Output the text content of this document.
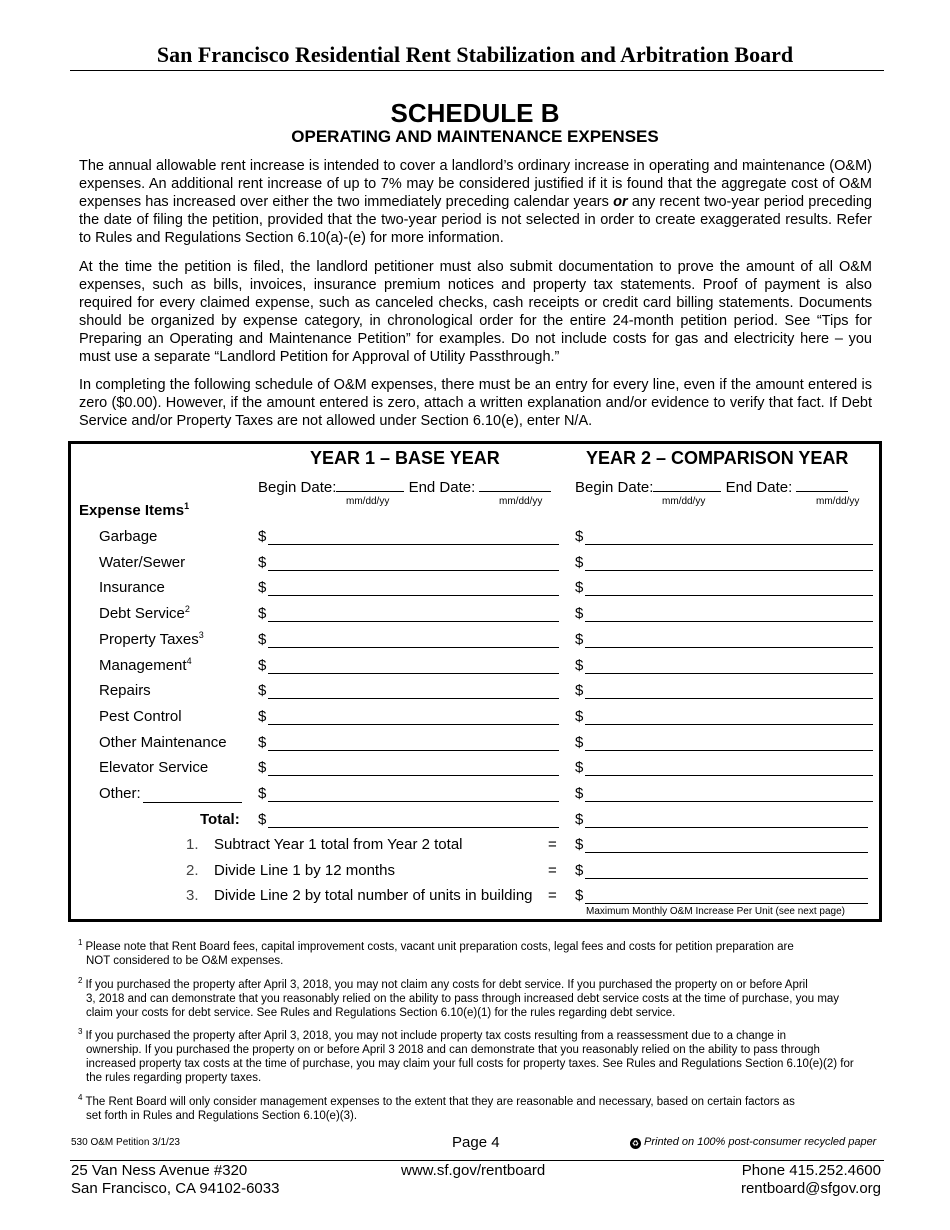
San Francisco Residential Rent Stabilization and Arbitration Board
SCHEDULE B
OPERATING AND MAINTENANCE EXPENSES
The annual allowable rent increase is intended to cover a landlord’s ordinary increase in operating and maintenance (O&M) expenses. An additional rent increase of up to 7% may be considered justified if it is found that the aggregate cost of O&M expenses has increased over either the two immediately preceding calendar years or any recent two-year period preceding the date of filing the petition, provided that the two-year period is not selected in order to create exaggerated results. Refer to Rules and Regulations Section 6.10(a)-(e) for more information.
At the time the petition is filed, the landlord petitioner must also submit documentation to prove the amount of all O&M expenses, such as bills, invoices, insurance premium notices and property tax statements. Proof of payment is also required for every claimed expense, such as canceled checks, cash receipts or credit card billing statements. Documents should be organized by expense category, in chronological order for the entire 24-month petition period. See “Tips for Preparing an Operating and Maintenance Petition” for examples. Do not include costs for gas and electricity here – you must use a separate “Landlord Petition for Approval of Utility Passthrough.”
In completing the following schedule of O&M expenses, there must be an entry for every line, even if the amount entered is zero ($0.00). However, if the amount entered is zero, attach a written explanation and/or evidence to verify that fact. If Debt Service and/or Property Taxes are not allowed under Section 6.10(e), enter N/A.
YEAR 1 – BASE YEAR	YEAR 2 – COMPARISON YEAR
Begin Date:	End Date:	Begin Date:	End Date:
mm/dd/yy	mm/dd/yy	mm/dd/yy	mm/dd/yy
Expense Items$^1$
Garbage	$	$
Water/Sewer	$	$
Insurance	$	$
Debt Service$^2$	$	$
Property Taxes$^3$	$	$
Management$^4$	$	$
Repairs	$	$
Pest Control	$	$
Other Maintenance $	$
Elevator Service	$	$
Other:	$	$
Total: $	$
1. Subtract Year 1 total from Year 2 total	= $
2. Divide Line 1 by 12 months	= $
3. Divide Line 2 by total number of units in building = $
Maximum Monthly O&M Increase Per Unit (see next page)
$^1$ Please note that Rent Board fees, capital improvement costs, vacant unit preparation costs, legal fees and costs for petition preparation are
NOT considered to be O&M expenses.
$^2$ If you purchased the property after April 3, 2018, you may not claim any costs for debt service. If you purchased the property on or before April
3, 2018 and can demonstrate that you reasonably relied on the ability to pass through increased debt service costs at the time of purchase, you may claim your costs for debt service. See Rules and Regulations Section 6.10(e)(1) for the rules regarding debt service.
$^3$ If you purchased the property after April 3, 2018, you may not include property tax costs resulting from a reassessment due to a change in
ownership. If you purchased the property on or before April 3 2018 and can demonstrate that you reasonably relied on the ability to pass through increased property tax costs at the time of purchase, you may claim your full costs for property taxes. See Rules and Regulations Section 6.10(e)(2) for the rules regarding property taxes.
$^4$ The Rent Board will only consider management expenses to the extent that they are reasonable and necessary, based on certain factors as
set forth in Rules and Regulations Section 6.10(e)(3).
530 O&M Petition 3/1/23	Page 4	♻ Printed on 100% post-consumer recycled paper
25 Van Ness Avenue #320
San Francisco, CA 94102-6033
www.sf.gov/rentboard	Phone 415.252.4600
rentboard@sfgov.org
